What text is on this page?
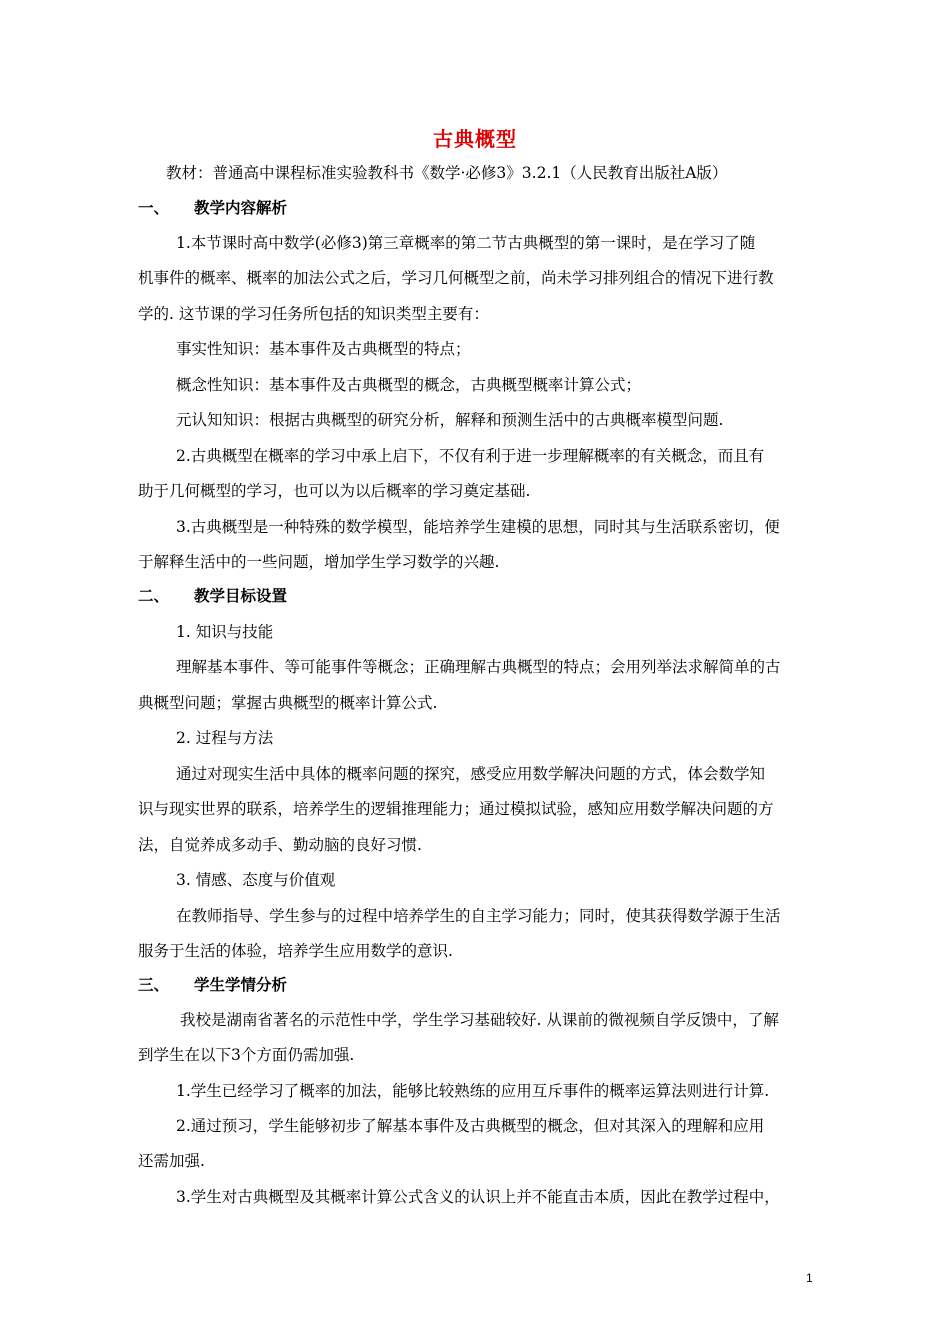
古典概型
教材：普通高中课程标准实验教科书《数学·必修3》3.2.1（人民教育出版社A版）
一、 教学内容解析
1.本节课时高中数学(必修3)第三章概率的第二节古典概型的第一课时，是在学习了随
机事件的概率、概率的加法公式之后，学习几何概型之前，尚未学习排列组合的情况下进行教
学的. 这节课的学习任务所包括的知识类型主要有：
事实性知识：基本事件及古典概型的特点；
概念性知识：基本事件及古典概型的概念，古典概型概率计算公式；
元认知知识：根据古典概型的研究分析，解释和预测生活中的古典概率模型问题.
2.古典概型在概率的学习中承上启下，不仅有利于进一步理解概率的有关概念，而且有
助于几何概型的学习，也可以为以后概率的学习奠定基础.
3.古典概型是一种特殊的数学模型，能培养学生建模的思想，同时其与生活联系密切，便
于解释生活中的一些问题，增加学生学习数学的兴趣.
二、 教学目标设置
1. 知识与技能
理解基本事件、等可能事件等概念；正确理解古典概型的特点；会用列举法求解简单的古
典概型问题；掌握古典概型的概率计算公式.
2. 过程与方法
通过对现实生活中具体的概率问题的探究，感受应用数学解决问题的方式，体会数学知
识与现实世界的联系，培养学生的逻辑推理能力；通过模拟试验，感知应用数学解决问题的方
法，自觉养成多动手、勤动脑的良好习惯.
3. 情感、态度与价值观
在教师指导、学生参与的过程中培养学生的自主学习能力；同时，使其获得数学源于生活
服务于生活的体验，培养学生应用数学的意识.
三、 学生学情分析
我校是湖南省著名的示范性中学，学生学习基础较好. 从课前的微视频自学反馈中，了解
到学生在以下3个方面仍需加强.
1.学生已经学习了概率的加法，能够比较熟练的应用互斥事件的概率运算法则进行计算.
2.通过预习，学生能够初步了解基本事件及古典概型的概念，但对其深入的理解和应用
还需加强.
3.学生对古典概型及其概率计算公式含义的认识上并不能直击本质，因此在教学过程中，
1
